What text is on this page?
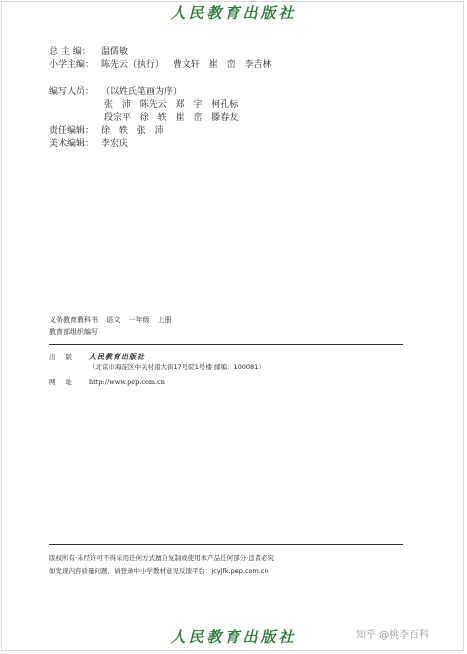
人民教育出版社
总 主 编：	温儒敏
小学主编： 陈先云（执行） 曹文轩 崔 峦 李吉林
编写人员： （以姓氏笔画为序）
张 沛 陈先云 郑 宇 柯孔标
段宗平 徐 轶 崔 峦 滕春友
责任编辑： 徐 轶 张 沛
美术编辑： 李宏庆
义务教育教科书 语文 一年级 上册
教育部组织编写
出 版	人民教育出版社
（北京市海淀区中关村南大街17号院1号楼 邮编：100081）
网 址	http://www.pep.com.cn
版权所有·未经许可不得采用任何方式擅自复制或使用本产品任何部分·违者必究
如发现内容质量问题，请登录中小学教材意见反馈平台：jcyjfk.pep.com.cn
人民教育出版社	知乎 @桃李百科
